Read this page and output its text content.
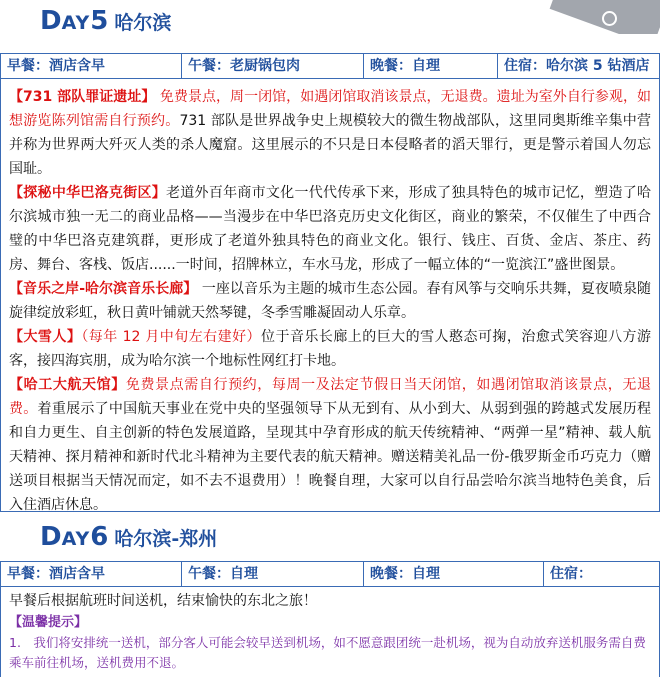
DAY5 哈尔滨
早餐：酒店含早	午餐：老厨锅包肉	晚餐：自理	住宿：哈尔滨 5 钻酒店

【731 部队罪证遗址】 免费景点，周一闭馆，如遇闭馆取消该景点，无退费。遗址为室外自行参观，如想游览陈列馆需自行预约。731 部队是世界战争史上规模较大的微生物战部队，这里同奥斯维辛集中营并称为世界两大歼灭人类的杀人魔窟。这里展示的不只是日本侵略者的滔天罪行，更是警示着国人勿忘国耻。

【探秘中华巴洛克街区】老道外百年商市文化一代代传承下来，形成了独具特色的城市记忆，塑造了哈尔滨城市独一无二的商业品格——当漫步在中华巴洛克历史文化街区，商业的繁荣，不仅催生了中西合璧的中华巴洛克建筑群，更形成了老道外独具特色的商业文化。银行、钱庄、百货、金店、茶庄、药房、舞台、客栈、饭店......一时间，招牌林立，车水马龙，形成了一幅立体的“一览滨江”盛世图景。

【音乐之岸-哈尔滨音乐长廊】 一座以音乐为主题的城市生态公园。春有风筝与交响乐共舞，夏夜喷泉随旋律绽放彩虹，秋日黄叶铺就天然琴键，冬季雪雕凝固动人乐章。

【大雪人】（每年 12 月中旬左右建好）位于音乐长廊上的巨大的雪人憨态可掬，治愈式笑容迎八方游客，接四海宾朋，成为哈尔滨一个地标性网红打卡地。

【哈工大航天馆】免费景点需自行预约，每周一及法定节假日当天闭馆，如遇闭馆取消该景点，无退费。着重展示了中国航天事业在党中央的坚强领导下从无到有、从小到大、从弱到强的跨越式发展历程和自力更生、自主创新的特色发展道路，呈现其中孕育形成的航天传统精神、“两弹一星”精神、载人航天精神、探月精神和新时代北斗精神为主要代表的航天精神。赠送精美礼品一份-俄罗斯金币巧克力（赠送项目根据当天情况而定，如不去不退费用）！晚餐自理，大家可以自行品尝哈尔滨当地特色美食，后入住酒店休息。

DAY6 哈尔滨-郑州
早餐：酒店含早	午餐：自理	晚餐：自理	住宿：

早餐后根据航班时间送机，结束愉快的东北之旅！

【温馨提示】

1.　我们将安排统一送机，部分客人可能会较早送到机场，如不愿意跟团统一赴机场，视为自动放弃送机服务需自费乘车前往机场，送机费用不退。
